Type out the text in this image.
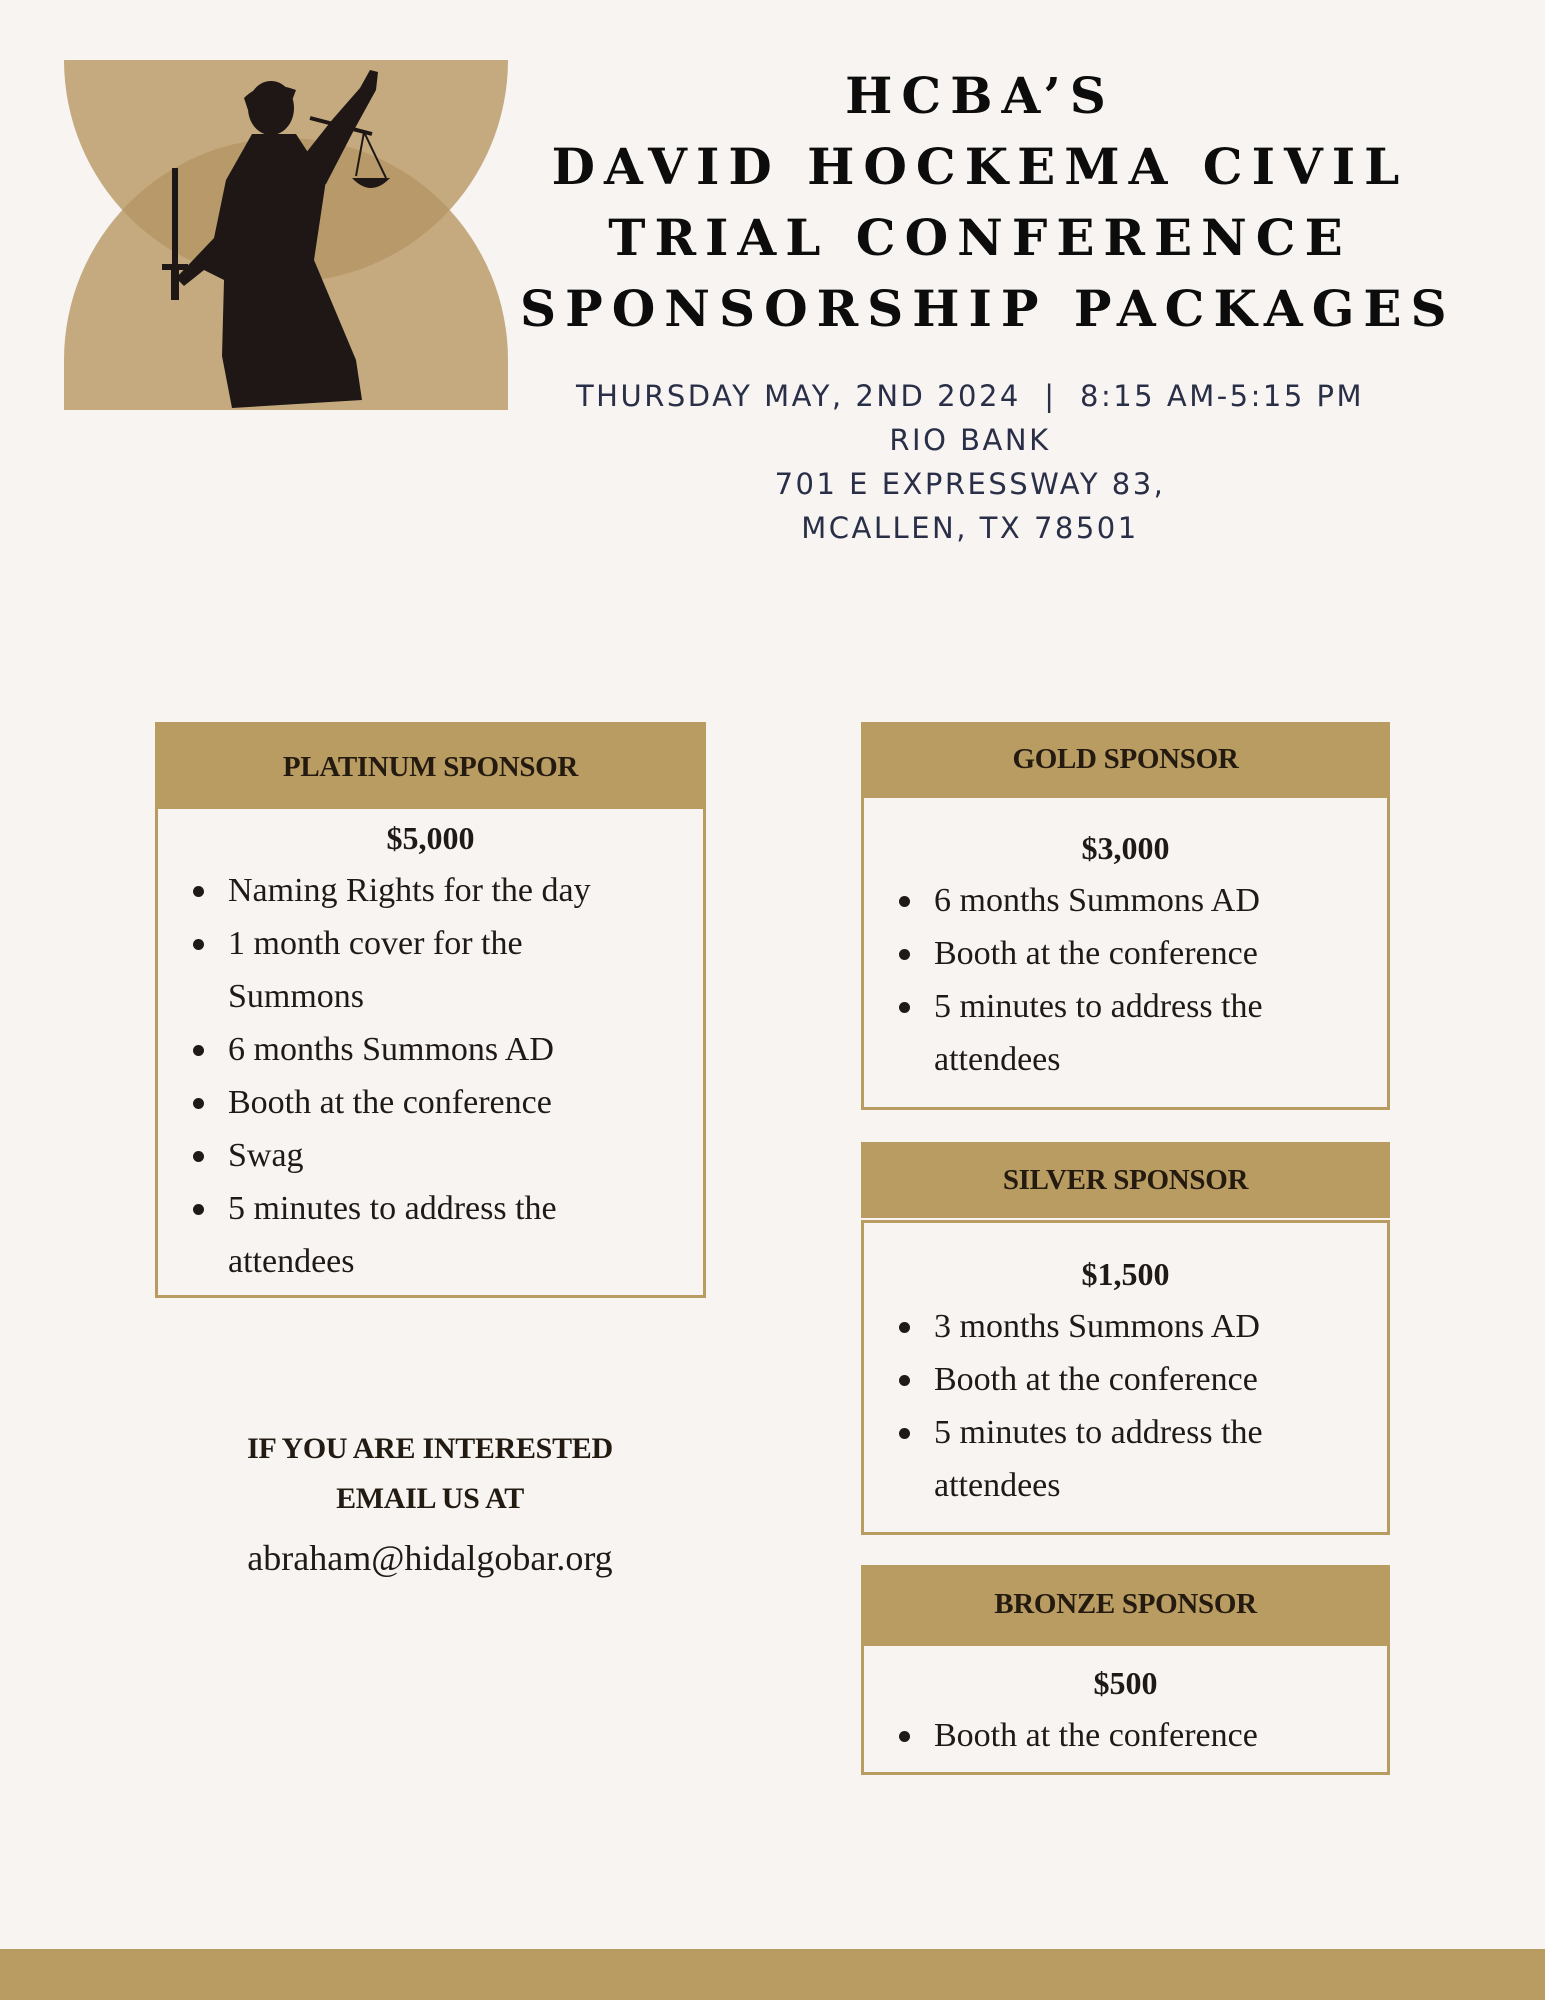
HCBA’S
DAVID HOCKEMA CIVIL
TRIAL CONFERENCE
SPONSORSHIP PACKAGES
THURSDAY MAY, 2ND 2024  |  8:15 AM-5:15 PM
RIO BANK
701 E EXPRESSWAY 83,
MCALLEN, TX 78501
PLATINUM SPONSOR
$5,000
Naming Rights for the day
1 month cover for the Summons
6 months Summons AD
Booth at the conference
Swag
5 minutes to address the attendees
GOLD SPONSOR
$3,000
6 months Summons AD
Booth at the conference
5 minutes to address the attendees
SILVER SPONSOR
$1,500
3 months Summons AD
Booth at the conference
5 minutes to address the attendees
BRONZE SPONSOR
$500
Booth at the conference
IF YOU ARE INTERESTED
EMAIL US AT
abraham@hidalgobar.org
